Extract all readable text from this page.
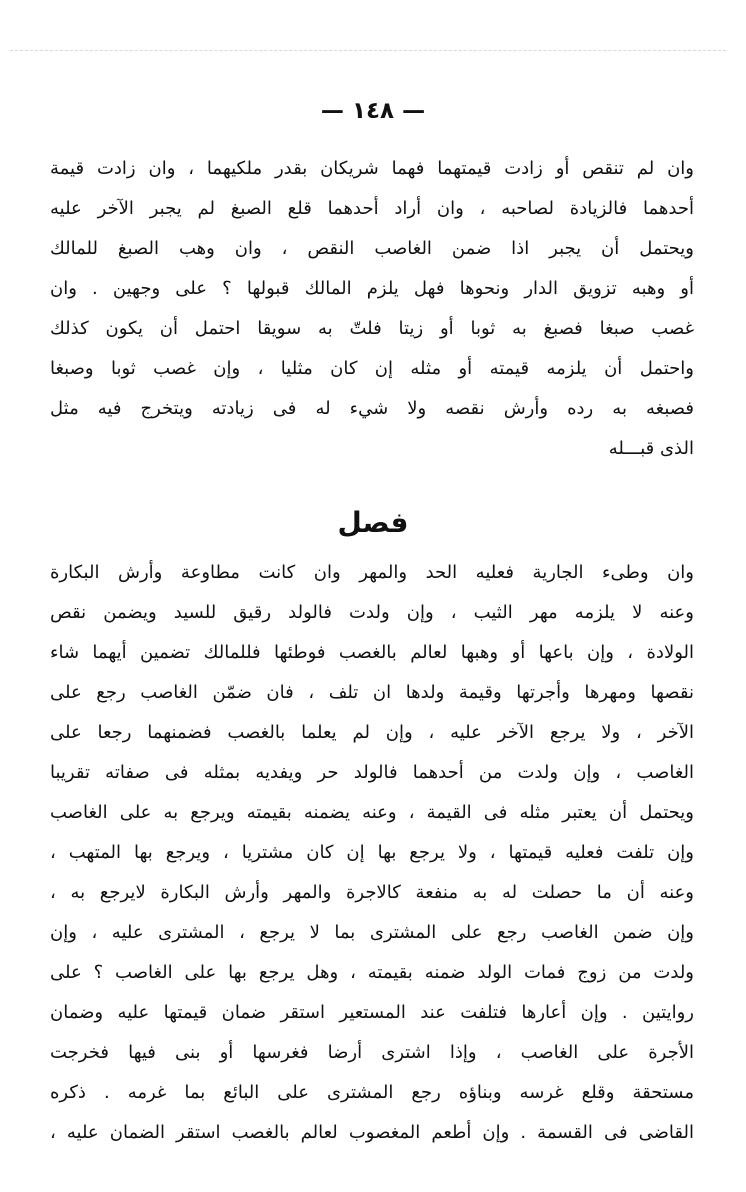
— ١٤٨ —
وان لم تنقص أو زادت قيمتهما فهما شريكان بقدر ملكيهما ، وان زادت قيمة
أحدهما فالزيادة لصاحبه ، وان أراد أحدهما قلع الصبغ لم يجبر الآخر عليه
ويحتمل أن يجبر اذا ضمن الغاصب النقص ، وان وهب الصبغ للمالك
أو وهبه تزويق الدار ونحوها فهل يلزم المالك قبولها ؟ على وجهين . وان
غصب صبغا فصبغ به ثوبا أو زيتا فلتّ به سويقا احتمل أن يكون كذلك
واحتمل أن يلزمه قيمته أو مثله إن كان مثليا ، وإن غصب ثوبا وصبغا
فصبغه به رده وأرش نقصه ولا شيء له فى زيادته ويتخرج فيه مثل
الذى قبـــله
فصل
وان وطىء الجارية فعليه الحد والمهر وان كانت مطاوعة وأرش البكارة
وعنه لا يلزمه مهر الثيب ، وإن ولدت فالولد رقيق للسيد ويضمن نقص
الولادة ، وإن باعها أو وهبها لعالم بالغصب فوطئها فللمالك تضمين أيهما شاء
نقصها ومهرها وأجرتها وقيمة ولدها ان تلف ، فان ضمّن الغاصب رجع على
الآخر ، ولا يرجع الآخر عليه ، وإن لم يعلما بالغصب فضمنهما رجعا على
الغاصب ، وإن ولدت من أحدهما فالولد حر ويفديه بمثله فى صفاته تقريبا
ويحتمل أن يعتبر مثله فى القيمة ، وعنه يضمنه بقيمته ويرجع به على الغاصب
وإن تلفت فعليه قيمتها ، ولا يرجع بها إن كان مشتريا ، ويرجع بها المتهب ،
وعنه أن ما حصلت له به منفعة كالاجرة والمهر وأرش البكارة لايرجع به ،
وإن ضمن الغاصب رجع على المشترى بما لا يرجع ، المشترى عليه ، وإن
ولدت من زوج فمات الولد ضمنه بقيمته ، وهل يرجع بها على الغاصب ؟ على
روايتين . وإن أعارها فتلفت عند المستعير استقر ضمان قيمتها عليه وضمان
الأجرة على الغاصب ، وإذا اشترى أرضا فغرسها أو بنى فيها فخرجت
مستحقة وقلع غرسه وبناؤه رجع المشترى على البائع بما غرمه . ذكره
القاضى فى القسمة . وإن أطعم المغصوب لعالم بالغصب استقر الضمان عليه ،
